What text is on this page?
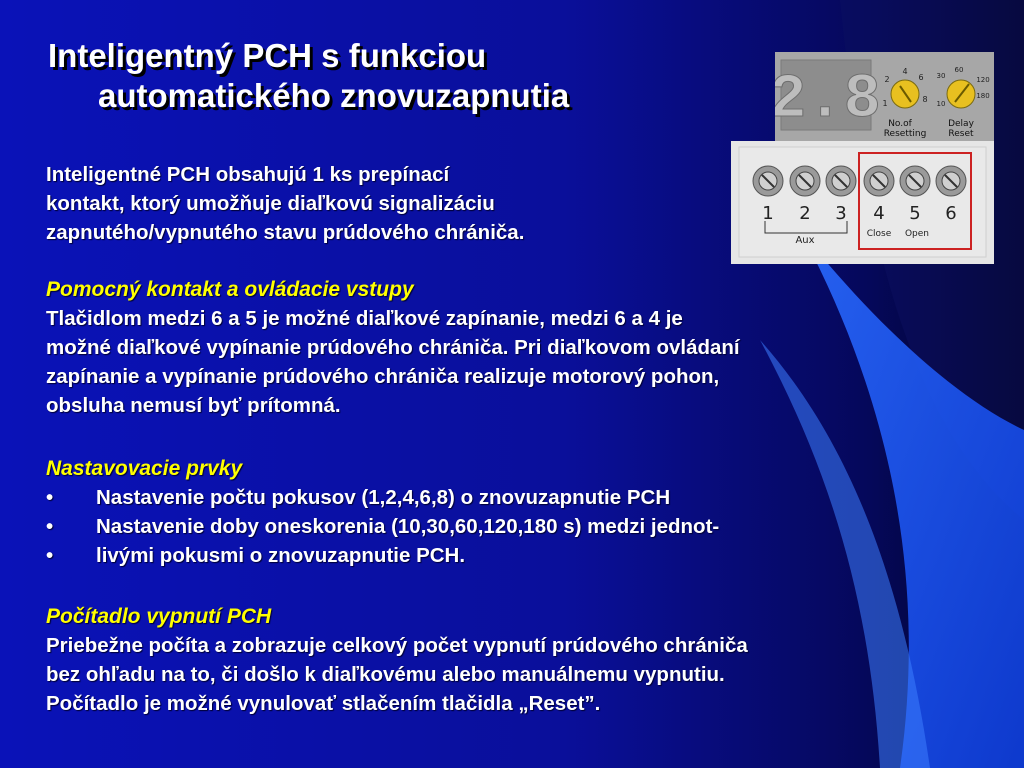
Inteligentný PCH s funkciou
automatického znovuzapnutia	2.8	4
6
2
8
1
No.of
Resetting
60
120
30
180
10
Delay
Reset
1 2 3 4 5 6
Aux
Close Open
Inteligentné PCH obsahujú 1 ks prepínací
kontakt, ktorý umožňuje diaľkovú signalizáciu
zapnutého/vypnutého stavu prúdového chrániča.
Pomocný kontakt a ovládacie vstupy
Tlačidlom medzi 6 a 5 je možné diaľkové zapínanie, medzi 6 a 4 je
možné diaľkové vypínanie prúdového chrániča. Pri diaľkovom ovládaní
zapínanie a vypínanie prúdového chrániča realizuje motorový pohon,
obsluha nemusí byť prítomná.
Nastavovacie prvky
• Nastavenie počtu pokusov (1,2,4,6,8) o znovuzapnutie PCH
• Nastavenie doby oneskorenia (10,30,60,120,180 s) medzi jednot-
• livými pokusmi o znovuzapnutie PCH.
Počítadlo vypnutí PCH
Priebežne počíta a zobrazuje celkový počet vypnutí prúdového chrániča
bez ohľadu na to, či došlo k diaľkovému alebo manuálnemu vypnutiu.
Počítadlo je možné vynulovať stlačením tlačidla „Reset”.
